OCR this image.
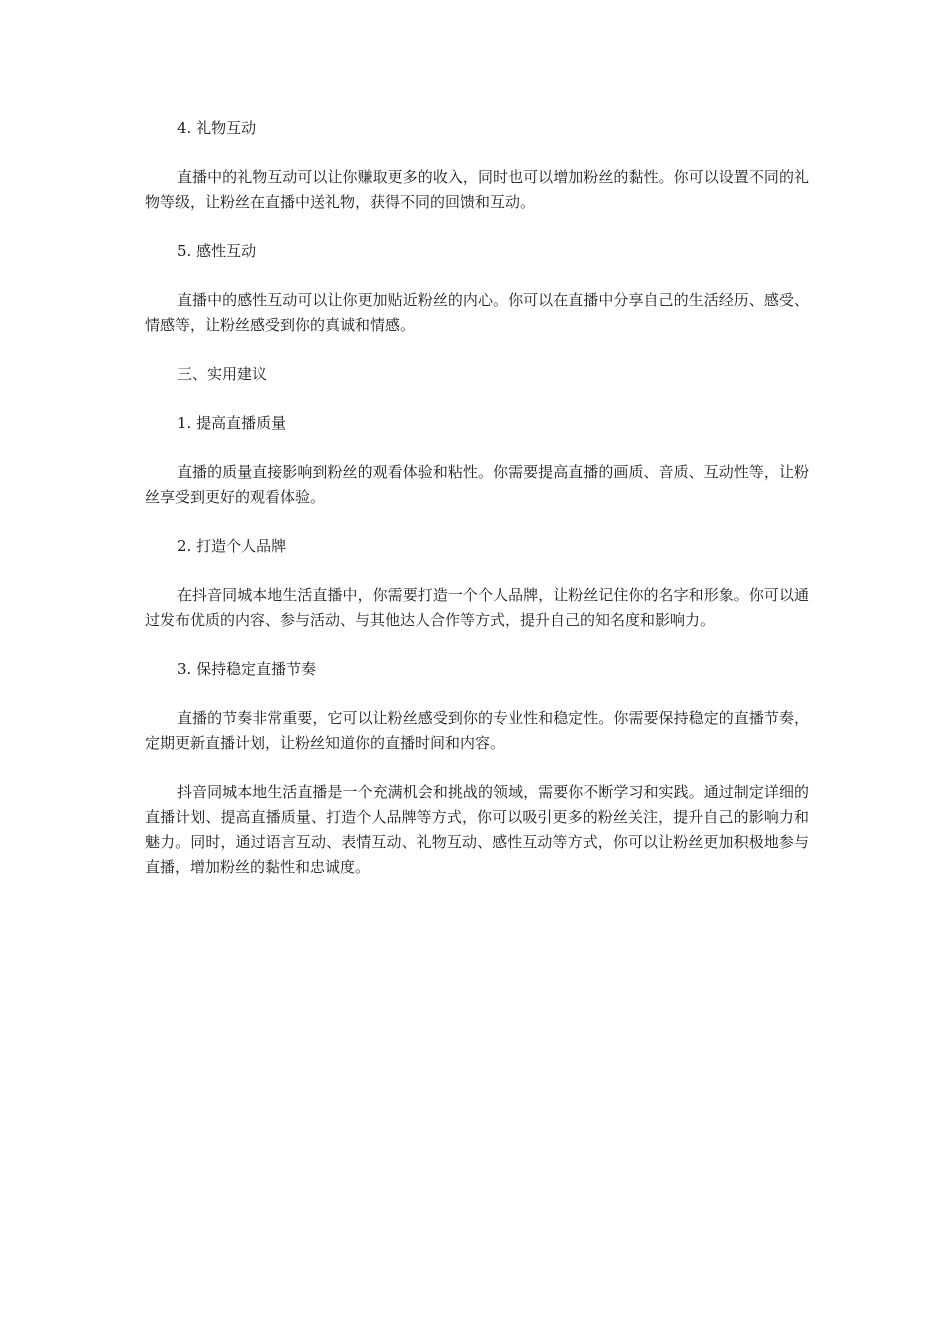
4. 礼物互动

直播中的礼物互动可以让你赚取更多的收入，同时也可以增加粉丝的黏性。你可以设置不同的礼物等级，让粉丝在直播中送礼物，获得不同的回馈和互动。

5. 感性互动

直播中的感性互动可以让你更加贴近粉丝的内心。你可以在直播中分享自己的生活经历、感受、情感等，让粉丝感受到你的真诚和情感。

三、实用建议

1. 提高直播质量

直播的质量直接影响到粉丝的观看体验和粘性。你需要提高直播的画质、音质、互动性等，让粉丝享受到更好的观看体验。

2. 打造个人品牌

在抖音同城本地生活直播中，你需要打造一个个人品牌，让粉丝记住你的名字和形象。你可以通过发布优质的内容、参与活动、与其他达人合作等方式，提升自己的知名度和影响力。

3. 保持稳定直播节奏

直播的节奏非常重要，它可以让粉丝感受到你的专业性和稳定性。你需要保持稳定的直播节奏，定期更新直播计划，让粉丝知道你的直播时间和内容。

抖音同城本地生活直播是一个充满机会和挑战的领域，需要你不断学习和实践。通过制定详细的直播计划、提高直播质量、打造个人品牌等方式，你可以吸引更多的粉丝关注，提升自己的影响力和魅力。同时，通过语言互动、表情互动、礼物互动、感性互动等方式，你可以让粉丝更加积极地参与直播，增加粉丝的黏性和忠诚度。
